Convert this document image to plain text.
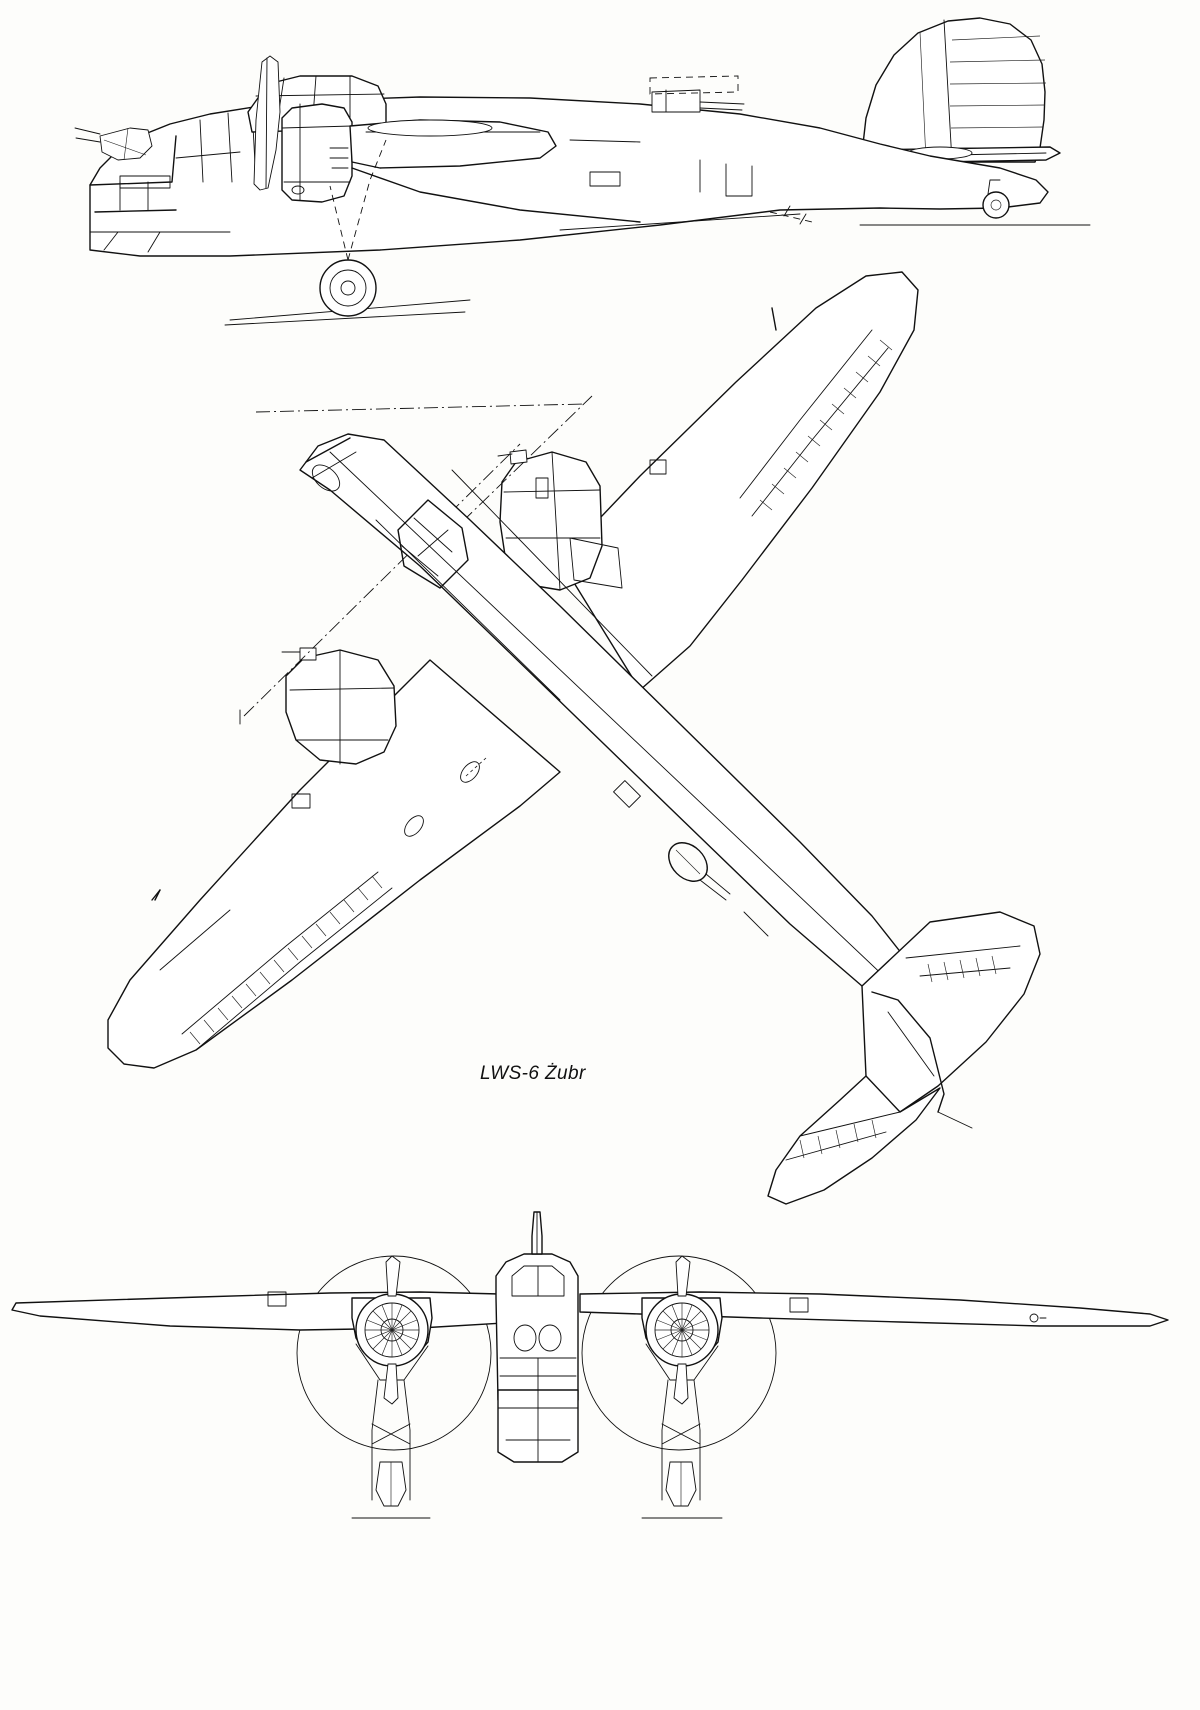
LWS-6 Żubr
